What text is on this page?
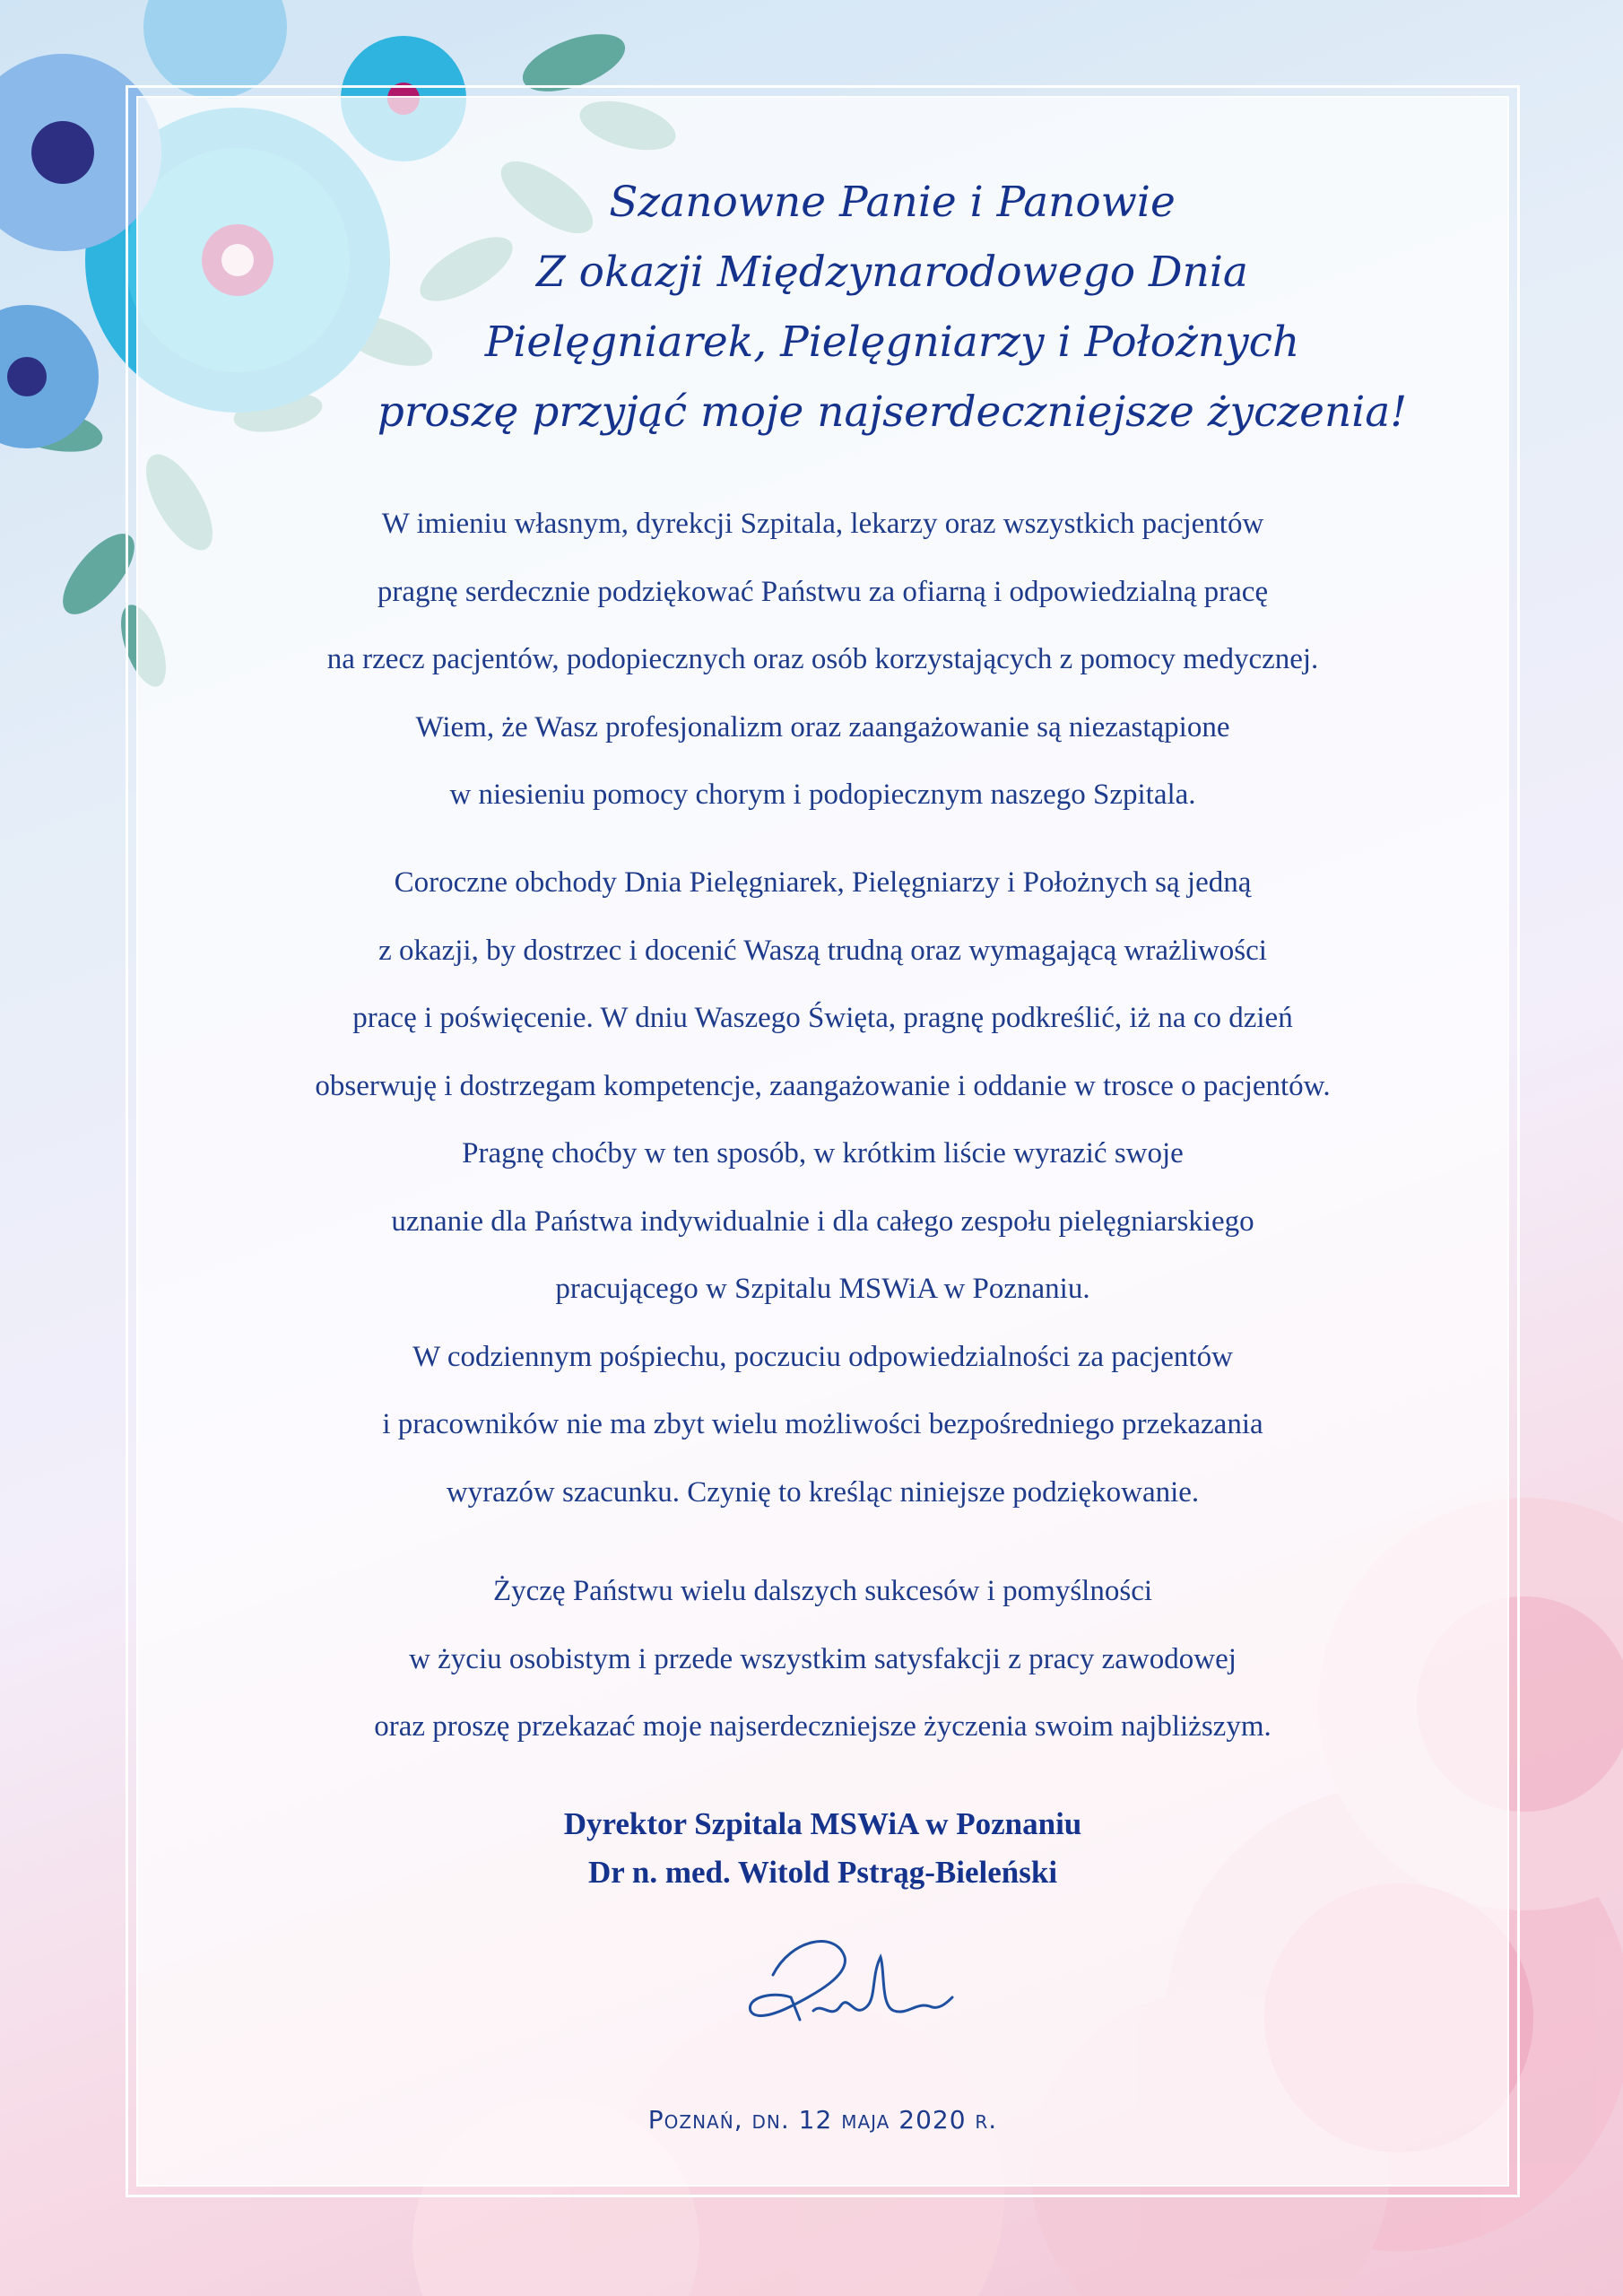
Szanowne Panie i Panowie
Z okazji Międzynarodowego Dnia
Pielęgniarek, Pielęgniarzy i Położnych
proszę przyjąć moje najserdeczniejsze życzenia!
W imieniu własnym, dyrekcji Szpitala, lekarzy oraz wszystkich pacjentów
pragnę serdecznie podziękować Państwu za ofiarną i odpowiedzialną pracę
na rzecz pacjentów, podopiecznych oraz osób korzystających z pomocy medycznej.
Wiem, że Wasz profesjonalizm oraz zaangażowanie są niezastąpione
w niesieniu pomocy chorym i podopiecznym naszego Szpitala.
Coroczne obchody Dnia Pielęgniarek, Pielęgniarzy i Położnych są jedną
z okazji, by dostrzec i docenić Waszą trudną oraz wymagającą wrażliwości
pracę i poświęcenie. W dniu Waszego Święta, pragnę podkreślić, iż na co dzień
obserwuję i dostrzegam kompetencje, zaangażowanie i oddanie w trosce o pacjentów.
Pragnę choćby w ten sposób, w krótkim liście wyrazić swoje
uznanie dla Państwa indywidualnie i dla całego zespołu pielęgniarskiego
pracującego w Szpitalu MSWiA w Poznaniu.
W codziennym pośpiechu, poczuciu odpowiedzialności za pacjentów
i pracowników nie ma zbyt wielu możliwości bezpośredniego przekazania
wyrazów szacunku. Czynię to kreśląc niniejsze podziękowanie.
Życzę Państwu wielu dalszych sukcesów i pomyślności
w życiu osobistym i przede wszystkim satysfakcji z pracy zawodowej
oraz proszę przekazać moje najserdeczniejsze życzenia swoim najbliższym.
Dyrektor Szpitala MSWiA w Poznaniu
Dr n. med. Witold Pstrąg-Bieleński
Poznań, dn. 12 maja 2020 r.
